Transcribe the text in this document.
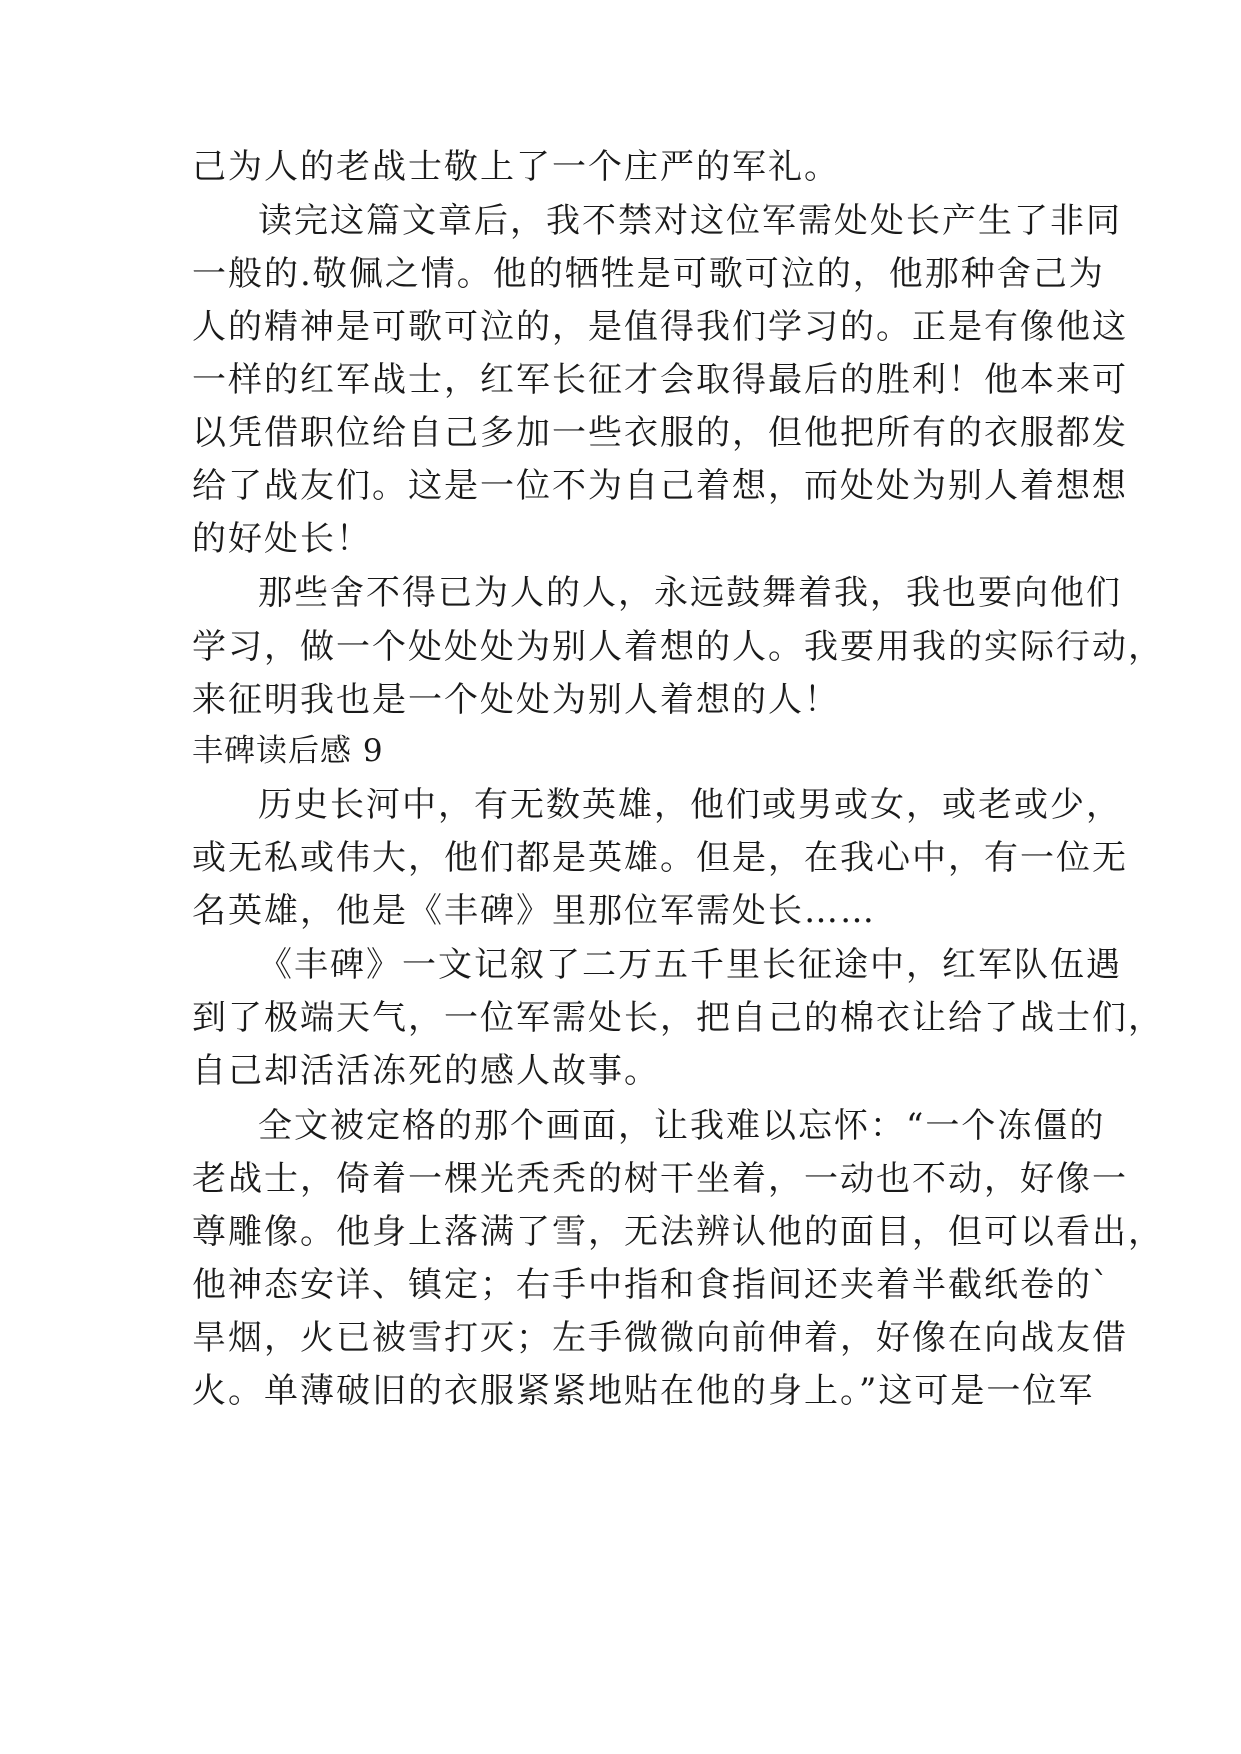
己为人的老战士敬上了一个庄严的军礼。
读完这篇文章后，我不禁对这位军需处处长产生了非同
一般的.敬佩之情。他的牺牲是可歌可泣的，他那种舍己为
人的精神是可歌可泣的，是值得我们学习的。正是有像他这
一样的红军战士，红军长征才会取得最后的胜利！他本来可
以凭借职位给自己多加一些衣服的，但他把所有的衣服都发
给了战友们。这是一位不为自己着想，而处处为别人着想想
的好处长！
那些舍不得已为人的人，永远鼓舞着我，我也要向他们
学习，做一个处处处为别人着想的人。我要用我的实际行动，
来征明我也是一个处处为别人着想的人！
丰碑读后感 9
历史长河中，有无数英雄，他们或男或女，或老或少，
或无私或伟大，他们都是英雄。但是，在我心中，有一位无
名英雄，他是《丰碑》里那位军需处长……
《丰碑》一文记叙了二万五千里长征途中，红军队伍遇
到了极端天气，一位军需处长，把自己的棉衣让给了战士们，
自己却活活冻死的感人故事。
全文被定格的那个画面，让我难以忘怀：“一个冻僵的
老战士，倚着一棵光秃秃的树干坐着，一动也不动，好像一
尊雕像。他身上落满了雪，无法辨认他的面目，但可以看出，
他神态安详、镇定；右手中指和食指间还夹着半截纸卷的`
旱烟，火已被雪打灭；左手微微向前伸着，好像在向战友借
火。单薄破旧的衣服紧紧地贴在他的身上。”这可是一位军
